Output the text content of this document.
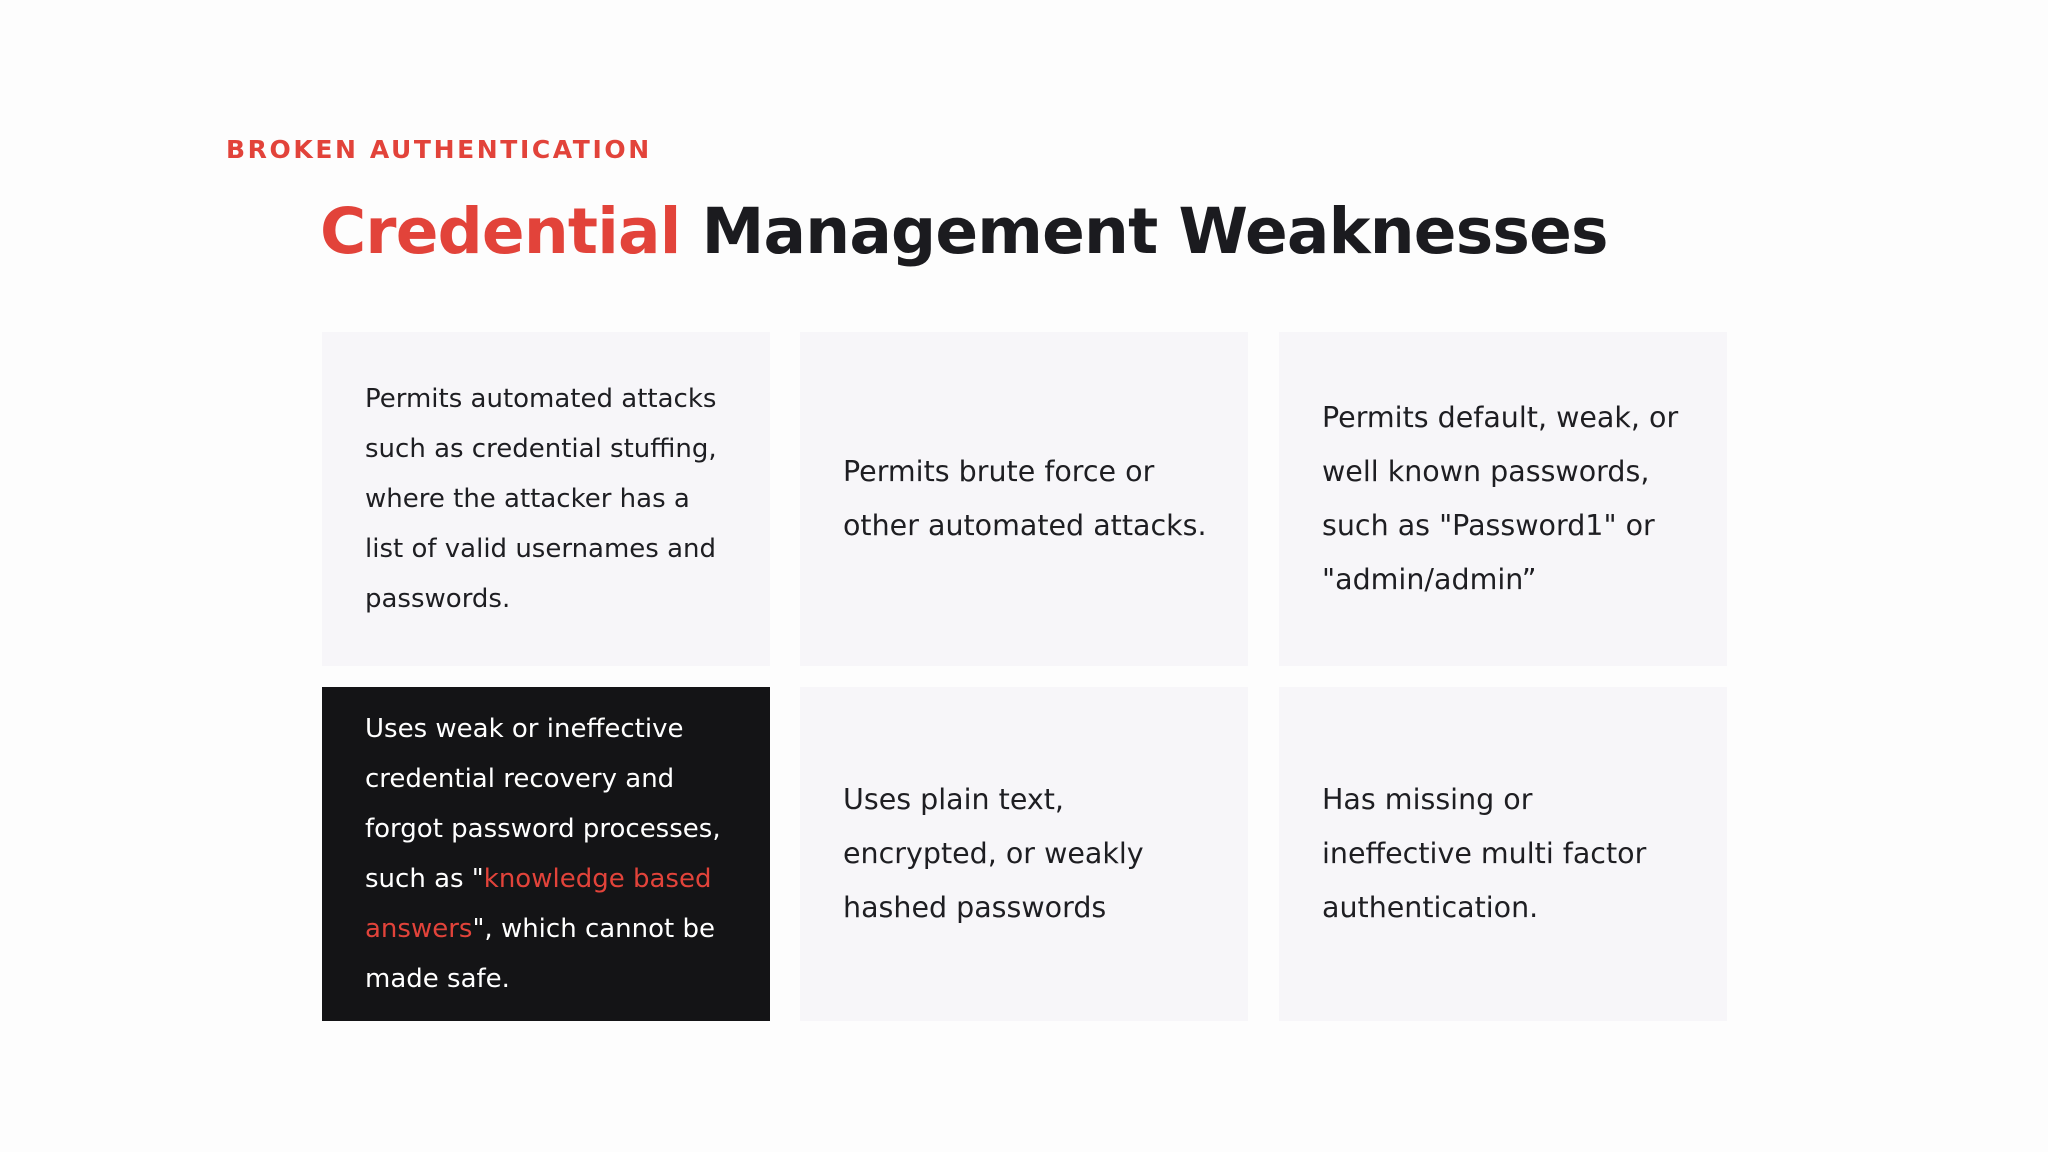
BROKEN AUTHENTICATION
Credential Management Weaknesses
Permits automated attacks such as credential stuffing, where the attacker has a list of valid usernames and passwords.
Permits brute force or other automated attacks.
Permits default, weak, or well known passwords, such as "Password1" or "admin/admin”
Uses weak or ineffective credential recovery and forgot password processes, such as "knowledge based answers", which cannot be made safe.
Uses plain text, encrypted, or weakly hashed passwords
Has missing or ineffective multi factor authentication.
